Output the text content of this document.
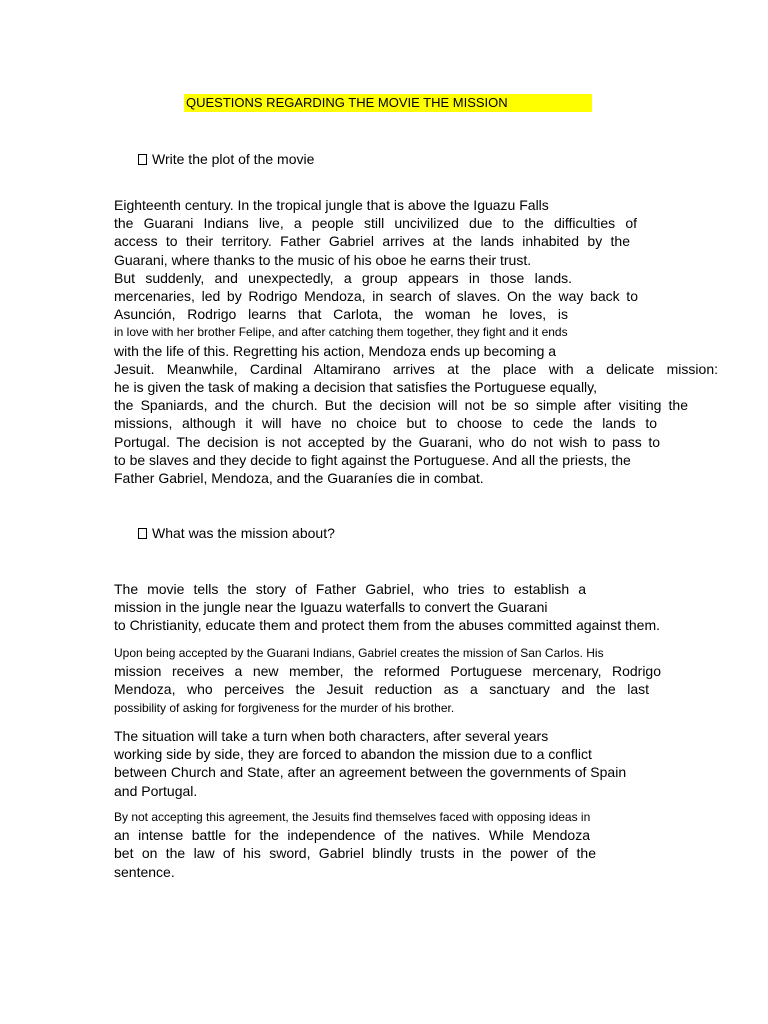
QUESTIONS REGARDING THE MOVIE THE MISSION
Write the plot of the movie
Eighteenth century. In the tropical jungle that is above the Iguazu Falls
the Guarani Indians live, a people still uncivilized due to the difficulties of
access to their territory. Father Gabriel arrives at the lands inhabited by the
Guarani, where thanks to the music of his oboe he earns their trust.
But suddenly, and unexpectedly, a group appears in those lands.
mercenaries, led by Rodrigo Mendoza, in search of slaves. On the way back to
Asunción, Rodrigo learns that Carlota, the woman he loves, is
in love with her brother Felipe, and after catching them together, they fight and it ends
with the life of this. Regretting his action, Mendoza ends up becoming a
Jesuit. Meanwhile, Cardinal Altamirano arrives at the place with a delicate mission:
he is given the task of making a decision that satisfies the Portuguese equally,
the Spaniards, and the church. But the decision will not be so simple after visiting the
missions, although it will have no choice but to choose to cede the lands to
Portugal. The decision is not accepted by the Guarani, who do not wish to pass to
to be slaves and they decide to fight against the Portuguese. And all the priests, the
Father Gabriel, Mendoza, and the Guaraníes die in combat.
What was the mission about?
The movie tells the story of Father Gabriel, who tries to establish a
mission in the jungle near the Iguazu waterfalls to convert the Guarani
to Christianity, educate them and protect them from the abuses committed against them.
Upon being accepted by the Guarani Indians, Gabriel creates the mission of San Carlos. His
mission receives a new member, the reformed Portuguese mercenary, Rodrigo
Mendoza, who perceives the Jesuit reduction as a sanctuary and the last
possibility of asking for forgiveness for the murder of his brother.
The situation will take a turn when both characters, after several years
working side by side, they are forced to abandon the mission due to a conflict
between Church and State, after an agreement between the governments of Spain
and Portugal.
By not accepting this agreement, the Jesuits find themselves faced with opposing ideas in
an intense battle for the independence of the natives. While Mendoza
bet on the law of his sword, Gabriel blindly trusts in the power of the
sentence.
